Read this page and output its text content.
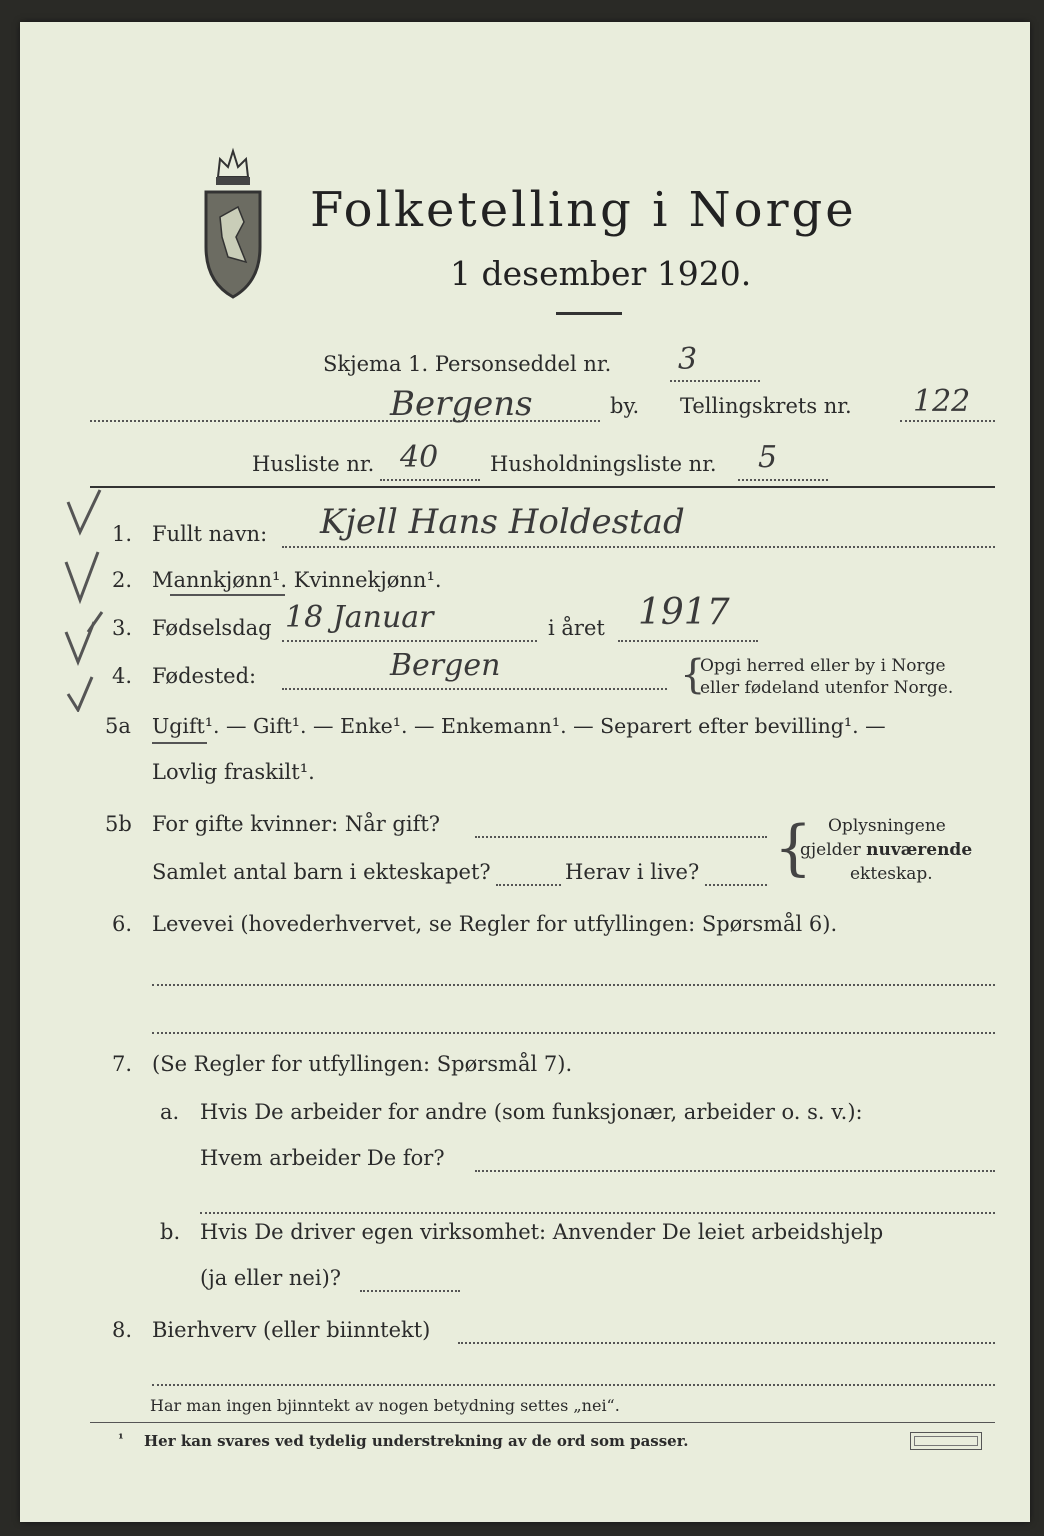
Folketelling i Norge
1 desember 1920.
Skjema 1. Personseddel nr. 3
Bergens	by. Tellingskrets nr. 122
Husliste nr. 40 Husholdningsliste nr. 5
1. Fullt navn: Kjell Hans Holdestad
2. Mannkjønn¹. Kvinnekjønn¹.
3. Fødselsdag 18 Januar	i året 1917
4. Fødested:	Bergen	{
Opgi herred eller by i Norge
eller fødeland utenfor Norge.
5a Ugift¹. — Gift¹. — Enke¹. — Enkemann¹. — Separert efter bevilling¹. —
Lovlig fraskilt¹.
5b For gifte kvinner: Når gift?
Samlet antal barn i ekteskapet?	Herav i live? { Oplysningene
gjelder nuværende
ekteskap.
6. Levevei (hovederhvervet, se Regler for utfyllingen: Spørsmål 6).
7. (Se Regler for utfyllingen: Spørsmål 7).
a. Hvis De arbeider for andre (som funksjonær, arbeider o. s. v.):
Hvem arbeider De for?
b. Hvis De driver egen virksomhet: Anvender De leiet arbeidshjelp
(ja eller nei)?
8. Bierhverv (eller biinntekt)
Har man ingen bjinntekt av nogen betydning settes „nei“.
¹ Her kan svares ved tydelig understrekning av de ord som passer.
